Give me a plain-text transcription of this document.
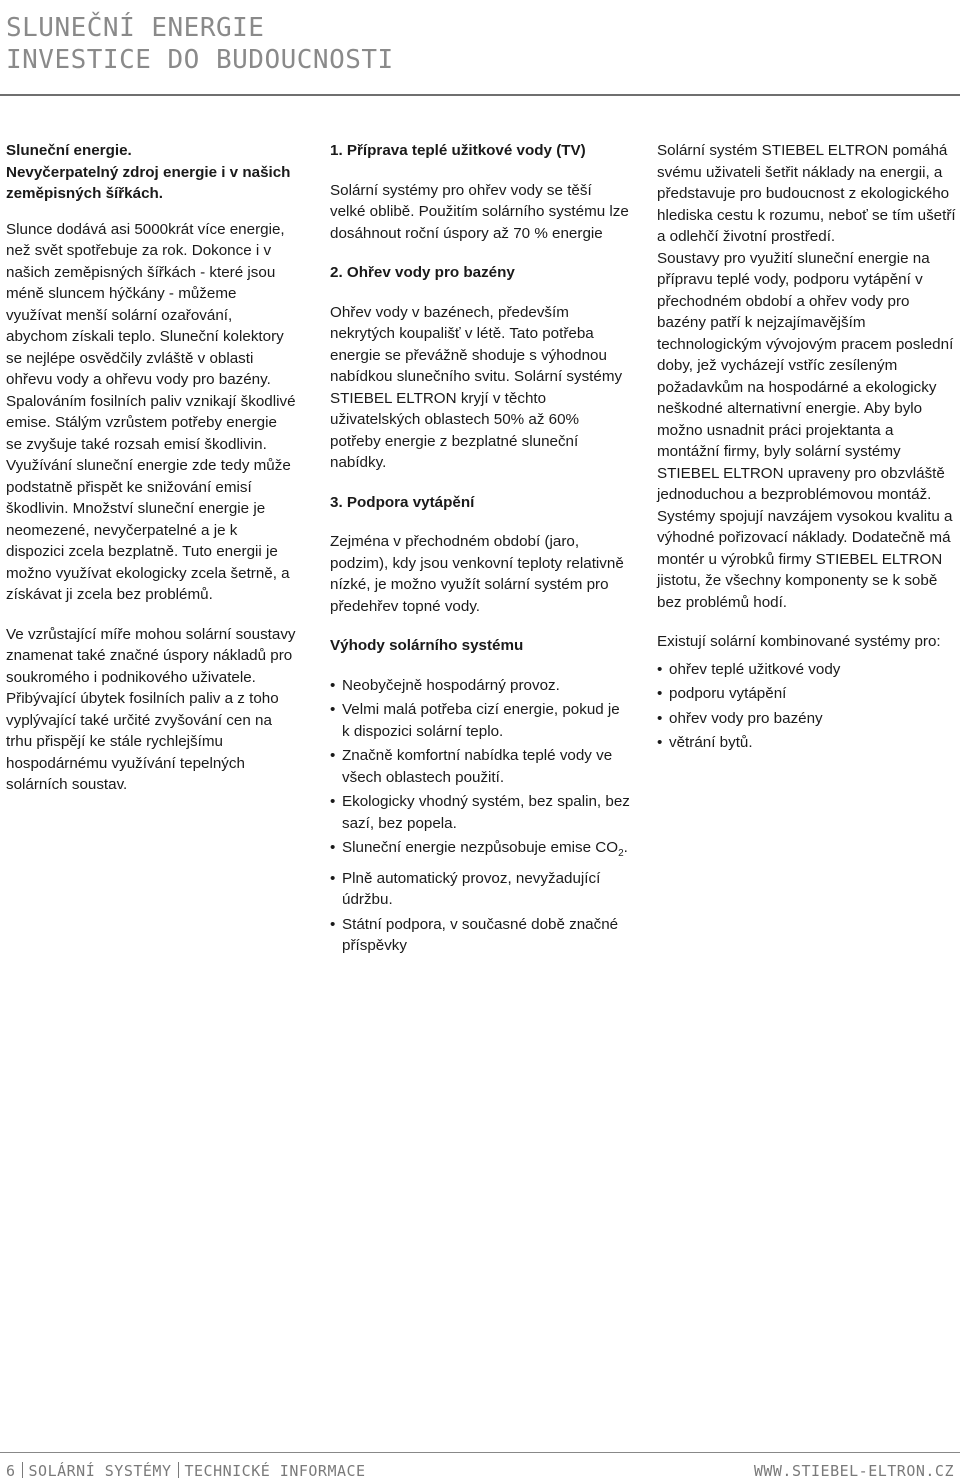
SLUNEČNÍ ENERGIE
INVESTICE DO BUDOUCNOSTI

Sluneční energie.
Nevyčerpatelný zdroj energie i v našich zeměpisných šířkách.

Slunce dodává asi 5000krát více energie, než svět spotřebuje za rok. Dokonce i v našich zeměpisných šířkách - které jsou méně sluncem hýčkány - můžeme využívat menší solární ozařování, abychom získali teplo. Sluneční kolektory se nejlépe osvědčily zvláště v oblasti ohřevu vody a ohřevu vody pro bazény. Spalováním fosilních paliv vznikají škodlivé emise. Stálým vzrůstem potřeby energie se zvyšuje také rozsah emisí škodlivin. Využívání sluneční energie zde tedy může podstatně přispět ke snižování emisí škodlivin. Množství sluneční energie je neomezené, nevyčerpatelné a je k dispozici zcela bezplatně. Tuto energii je možno využívat ekologicky zcela šetrně, a získávat ji zcela bez problémů.

Ve vzrůstající míře mohou solární soustavy znamenat také značné úspory nákladů pro soukromého i podnikového uživatele. Přibývající úbytek fosilních paliv a z toho vyplývající také určité zvyšování cen na trhu přispějí ke stále rychlejšímu hospodárnému využívání tepelných solárních soustav.

1. Příprava teplé užitkové vody (TV)

Solární systémy pro ohřev vody se těší velké oblibě. Použitím solárního systému lze dosáhnout roční úspory až 70 % energie

2. Ohřev vody pro bazény

Ohřev vody v bazénech, především nekrytých koupališť v létě. Tato potřeba energie se převážně shoduje s výhodnou nabídkou slunečního svitu. Solární systémy STIEBEL ELTRON kryjí v těchto uživatelských oblastech 50% až 60% potřeby energie z bezplatné sluneční nabídky.

3. Podpora vytápění

Zejména v přechodném období (jaro, podzim), kdy jsou venkovní teploty relativně nízké, je možno využít solární systém pro předehřev topné vody.

Výhody solárního systému

• Neobyčejně hospodárný provoz.
• Velmi malá potřeba cizí energie, pokud je k dispozici solární teplo.
• Značně komfortní nabídka teplé vody ve všech oblastech použití.
• Ekologicky vhodný systém, bez spalin, bez sazí, bez popela.
• Sluneční energie nezpůsobuje emise $CO_2$.
• Plně automatický provoz, nevyžadující údržbu.
• Státní podpora, v současné době značné příspěvky

Solární systém STIEBEL ELTRON pomáhá svému uživateli šetřit náklady na energii, a představuje pro budoucnost z ekologického hlediska cestu k rozumu, neboť se tím ušetří a odlehčí životní prostředí.

Soustavy pro využití sluneční energie na přípravu teplé vody, podporu vytápění v přechodném období a ohřev vody pro bazény patří k nejzajímavějším technologickým vývojovým pracem poslední doby, jež vycházejí vstříc zesíleným požadavkům na hospodárné a ekologicky neškodné alternativní energie. Aby bylo možno usnadnit práci projektanta a montážní firmy, byly solární systémy STIEBEL ELTRON upraveny pro obzvláště jednoduchou a bezproblémovou montáž. Systémy spojují navzájem vysokou kvalitu a výhodné pořizovací náklady. Dodatečně má montér u výrobků firmy STIEBEL ELTRON jistotu, že všechny komponenty se k sobě bez problémů hodí.

Existují solární kombinované systémy pro:

• ohřev teplé užitkové vody
• podporu vytápění
• ohřev vody pro bazény
• větrání bytů.
6 SOLÁRNÍ SYSTÉMY TECHNICKÉ INFORMACE	WWW.STIEBEL-ELTRON.CZ
